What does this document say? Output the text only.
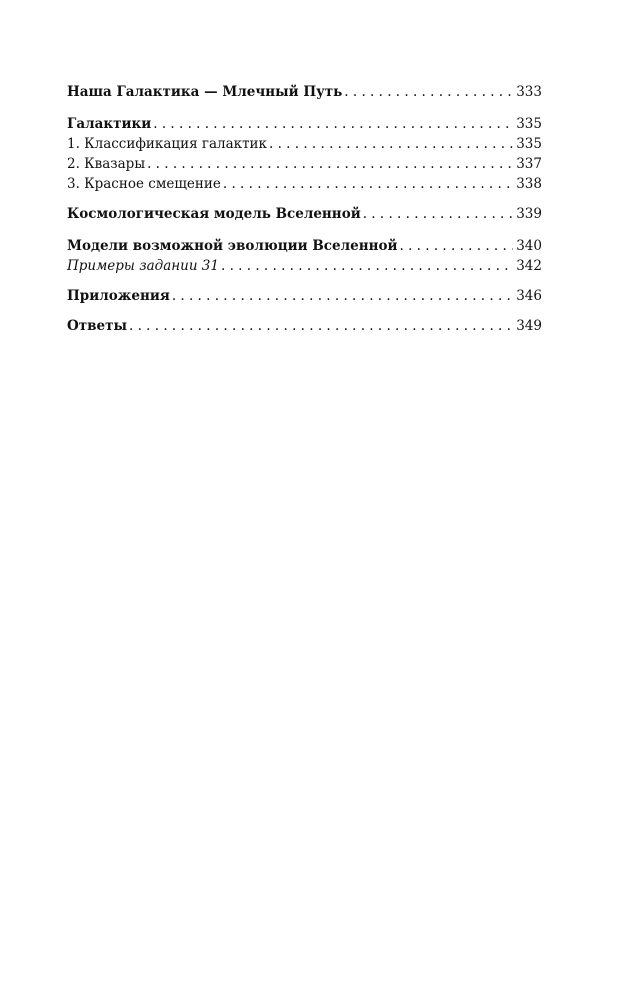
Наша Галактика — Млечный Путь . . .	333
Галактики . . .	335
1. Классификация галактик . . .	335
2. Квазары . . .	337
3. Красное смещение . . .	338
Космологическая модель Вселенной . . .	339
Модели возможной эволюции Вселенной . . .	340
Примеры задании 31 . . .	342
Приложения . . .	346
Ответы . . .	349
